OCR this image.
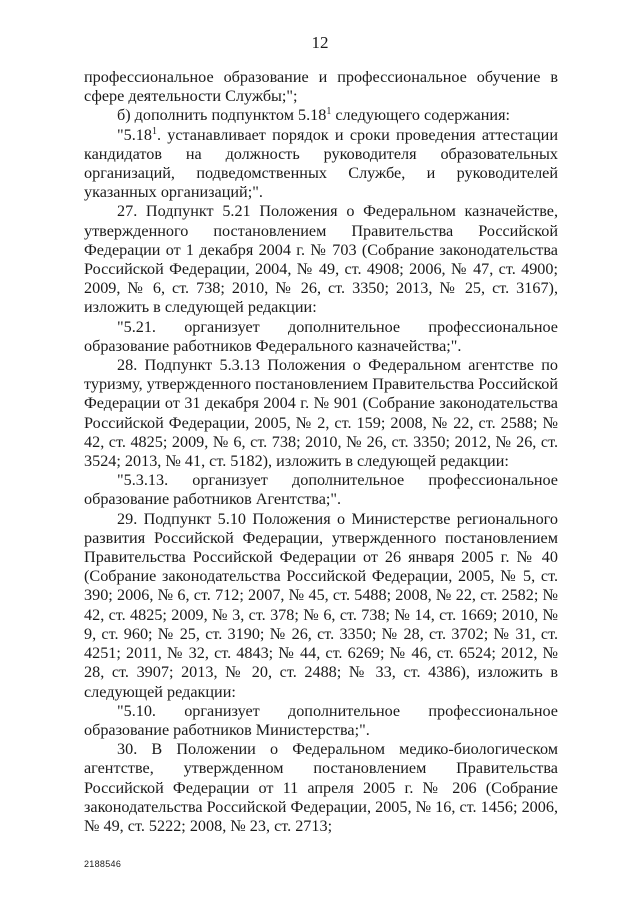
12

профессиональное образование и профессиональное обучение в сфере деятельности Службы;";

б) дополнить подпунктом 5.18$^1$ следующего содержания:

"5.18$^1$. устанавливает порядок и сроки проведения аттестации кандидатов на должность руководителя образовательных организаций, подведомственных Службе, и руководителей указанных организаций;".

27. Подпункт 5.21 Положения о Федеральном казначействе, утвержденного постановлением Правительства Российской Федерации от 1 декабря 2004 г. № 703 (Собрание законодательства Российской Федерации, 2004, № 49, ст. 4908; 2006, № 47, ст. 4900; 2009, № 6, ст. 738; 2010, № 26, ст. 3350; 2013, № 25, ст. 3167), изложить в следующей редакции:

"5.21. организует дополнительное профессиональное образование работников Федерального казначейства;".

28. Подпункт 5.3.13 Положения о Федеральном агентстве по туризму, утвержденного постановлением Правительства Российской Федерации от 31 декабря 2004 г. № 901 (Собрание законодательства Российской Федерации, 2005, № 2, ст. 159; 2008, № 22, ст. 2588; № 42, ст. 4825; 2009, № 6, ст. 738; 2010, № 26, ст. 3350; 2012, № 26, ст. 3524; 2013, № 41, ст. 5182), изложить в следующей редакции:

"5.3.13. организует дополнительное профессиональное образование работников Агентства;".

29. Подпункт 5.10 Положения о Министерстве регионального развития Российской Федерации, утвержденного постановлением Правительства Российской Федерации от 26 января 2005 г. № 40 (Собрание законодательства Российской Федерации, 2005, № 5, ст. 390; 2006, № 6, ст. 712; 2007, № 45, ст. 5488; 2008, № 22, ст. 2582; № 42, ст. 4825; 2009, № 3, ст. 378; № 6, ст. 738; № 14, ст. 1669; 2010, № 9, ст. 960; № 25, ст. 3190; № 26, ст. 3350; № 28, ст. 3702; № 31, ст. 4251; 2011, № 32, ст. 4843; № 44, ст. 6269; № 46, ст. 6524; 2012, № 28, ст. 3907; 2013, № 20, ст. 2488; № 33, ст. 4386), изложить в следующей редакции:

"5.10. организует дополнительное профессиональное образование работников Министерства;".

30. В Положении о Федеральном медико-биологическом агентстве, утвержденном постановлением Правительства Российской Федерации от 11 апреля 2005 г. № 206 (Собрание законодательства Российской Федерации, 2005, № 16, ст. 1456; 2006, № 49, ст. 5222; 2008, № 23, ст. 2713;

2188546
